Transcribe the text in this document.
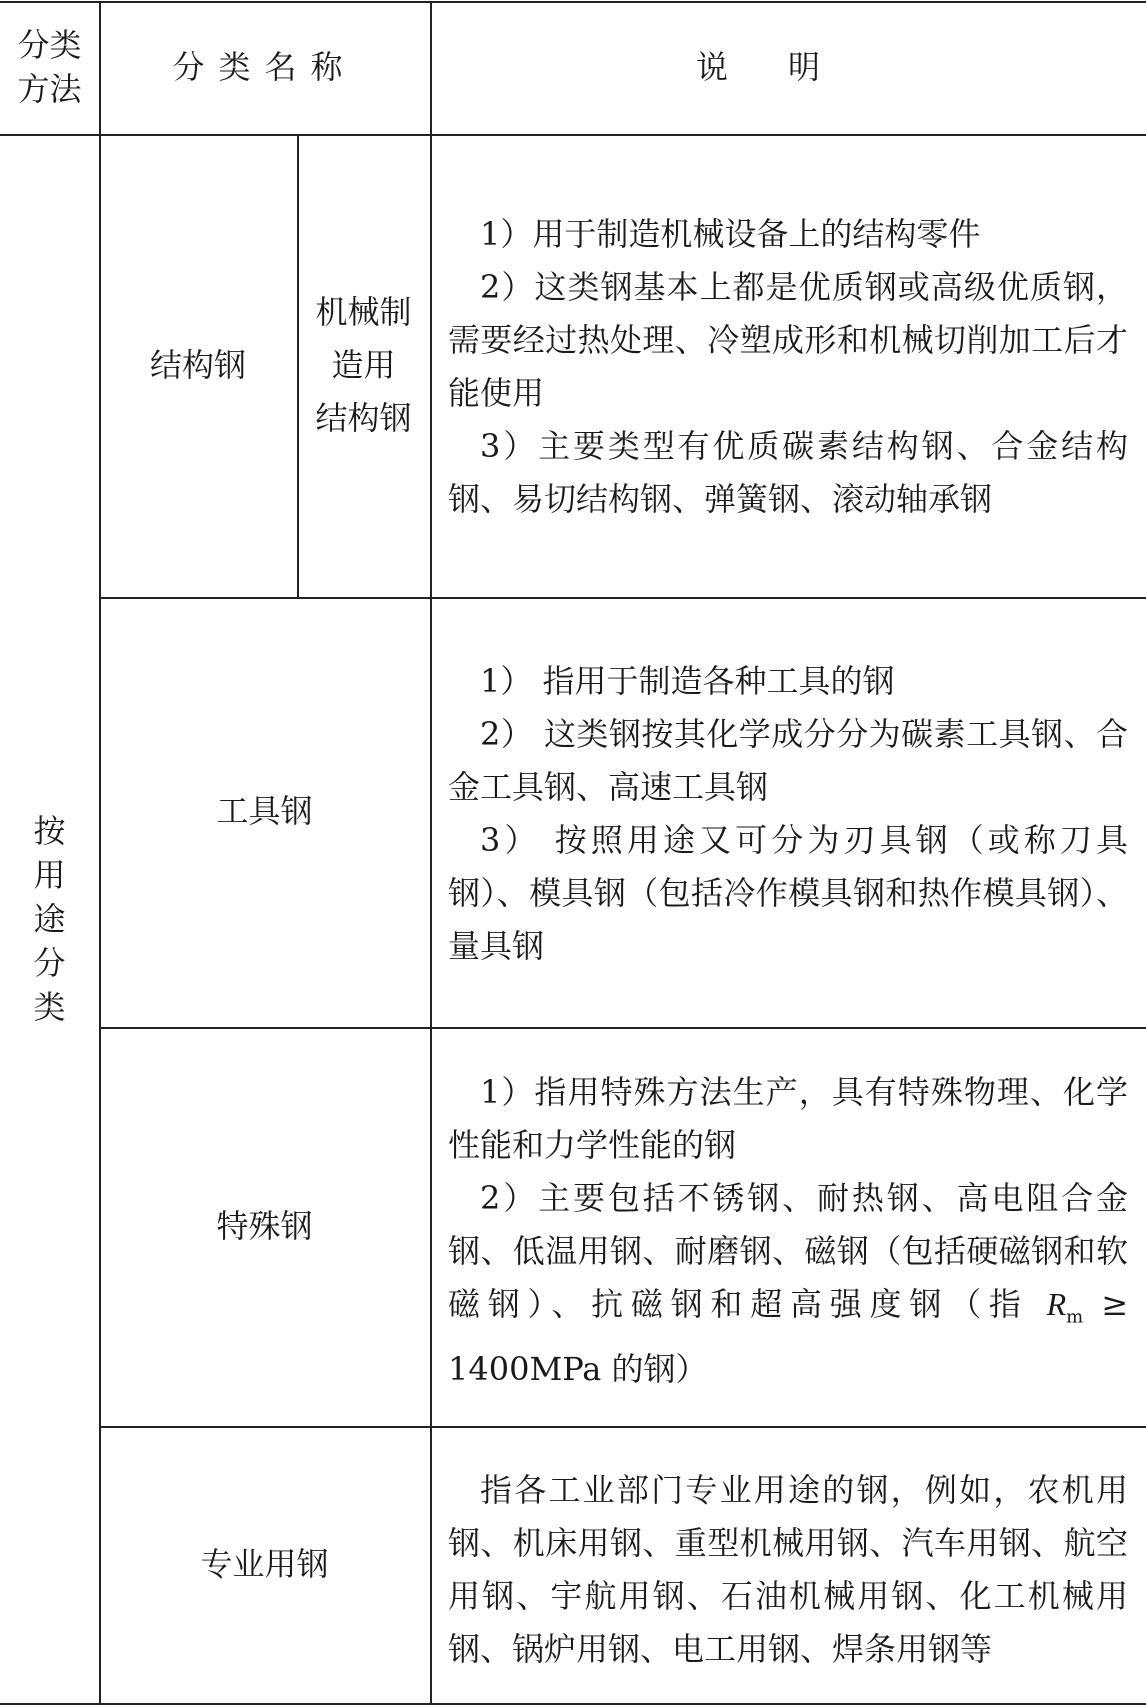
分类
方法
分类名称	说明
按
用
途
分
类
结构钢
机械制
造用
结构钢

1）用于制造机械设备上的结构零件

2）这类钢基本上都是优质钢或高级优质钢，需要经过热处理、冷塑成形和机械切削加工后才能使用

3）主要类型有优质碳素结构钢、合金结构钢、易切结构钢、弹簧钢、滚动轴承钢

工具钢

1） 指用于制造各种工具的钢

2） 这类钢按其化学成分分为碳素工具钢、合金工具钢、高速工具钢

3） 按照用途又可分为刃具钢（或称刀具钢）、模具钢（包括冷作模具钢和热作模具钢）、量具钢

特殊钢

1）指用特殊方法生产，具有特殊物理、化学性能和力学性能的钢

2）主要包括不锈钢、耐热钢、高电阻合金钢、低温用钢、耐磨钢、磁钢（包括硬磁钢和软磁钢）、抗磁钢和超高强度钢（指 $R_m \ge 1400MPa$ 的钢）

专业用钢

指各工业部门专业用途的钢，例如，农机用钢、机床用钢、重型机械用钢、汽车用钢、航空用钢、宇航用钢、石油机械用钢、化工机械用钢、锅炉用钢、电工用钢、焊条用钢等
